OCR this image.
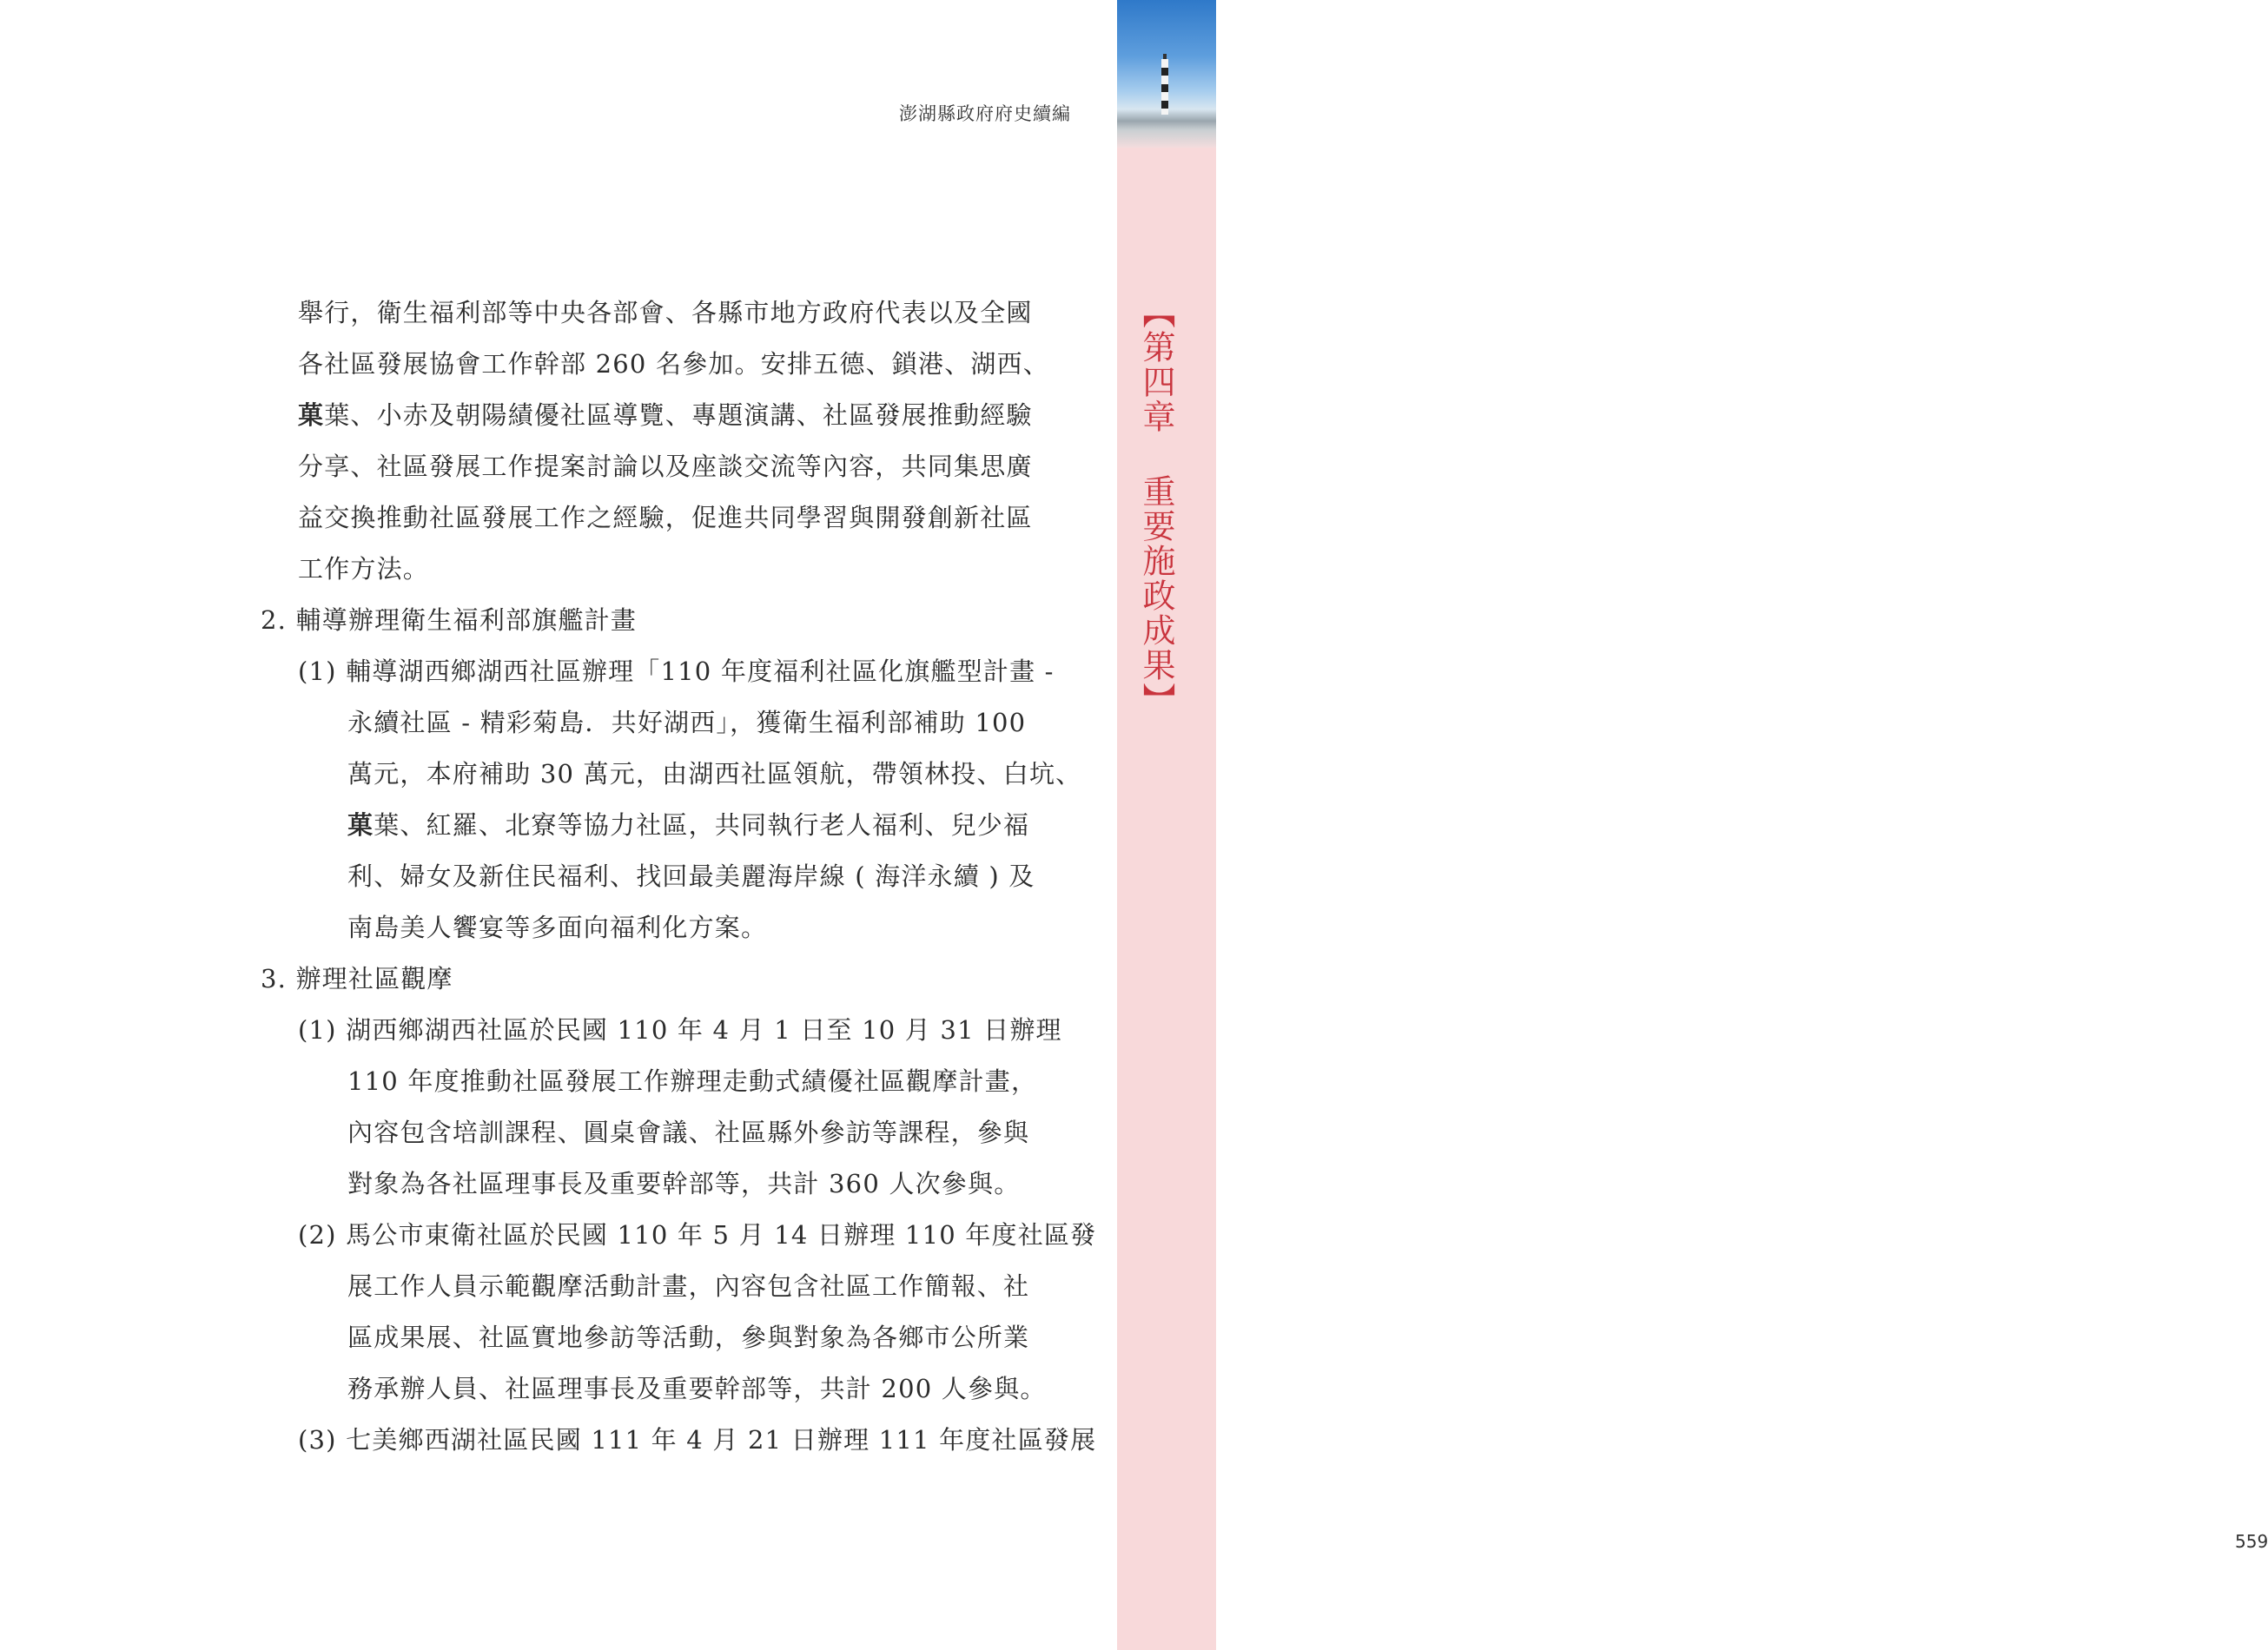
澎湖縣政府府史續編
舉行，衛生福利部等中央各部會、各縣市地方政府代表以及全國
各社區發展協會工作幹部 260 名參加。安排五德、鎖港、湖西、
菓葉、小赤及朝陽績優社區導覽、專題演講、社區發展推動經驗
分享、社區發展工作提案討論以及座談交流等內容，共同集思廣
益交換推動社區發展工作之經驗，促進共同學習與開發創新社區
工作方法。
2. 輔導辦理衛生福利部旗艦計畫
(1) 輔導湖西鄉湖西社區辦理「110 年度福利社區化旗艦型計畫 -
永續社區 - 精彩菊島．共好湖西」，獲衛生福利部補助 100
萬元，本府補助 30 萬元，由湖西社區領航，帶領林投、白坑、
菓葉、紅羅、北寮等協力社區，共同執行老人福利、兒少福
利、婦女及新住民福利、找回最美麗海岸線 ( 海洋永續 ) 及
南島美人饗宴等多面向福利化方案。
3. 辦理社區觀摩
(1) 湖西鄉湖西社區於民國 110 年 4 月 1 日至 10 月 31 日辦理
110 年度推動社區發展工作辦理走動式績優社區觀摩計畫，
內容包含培訓課程、圓桌會議、社區縣外參訪等課程，參與
對象為各社區理事長及重要幹部等，共計 360 人次參與。
(2) 馬公市東衛社區於民國 110 年 5 月 14 日辦理 110 年度社區發
展工作人員示範觀摩活動計畫，內容包含社區工作簡報、社
區成果展、社區實地參訪等活動，參與對象為各鄉市公所業
務承辦人員、社區理事長及重要幹部等，共計 200 人參與。
(3) 七美鄉西湖社區民國 111 年 4 月 21 日辦理 111 年度社區發展
【第四章 重要施政成果】
559
